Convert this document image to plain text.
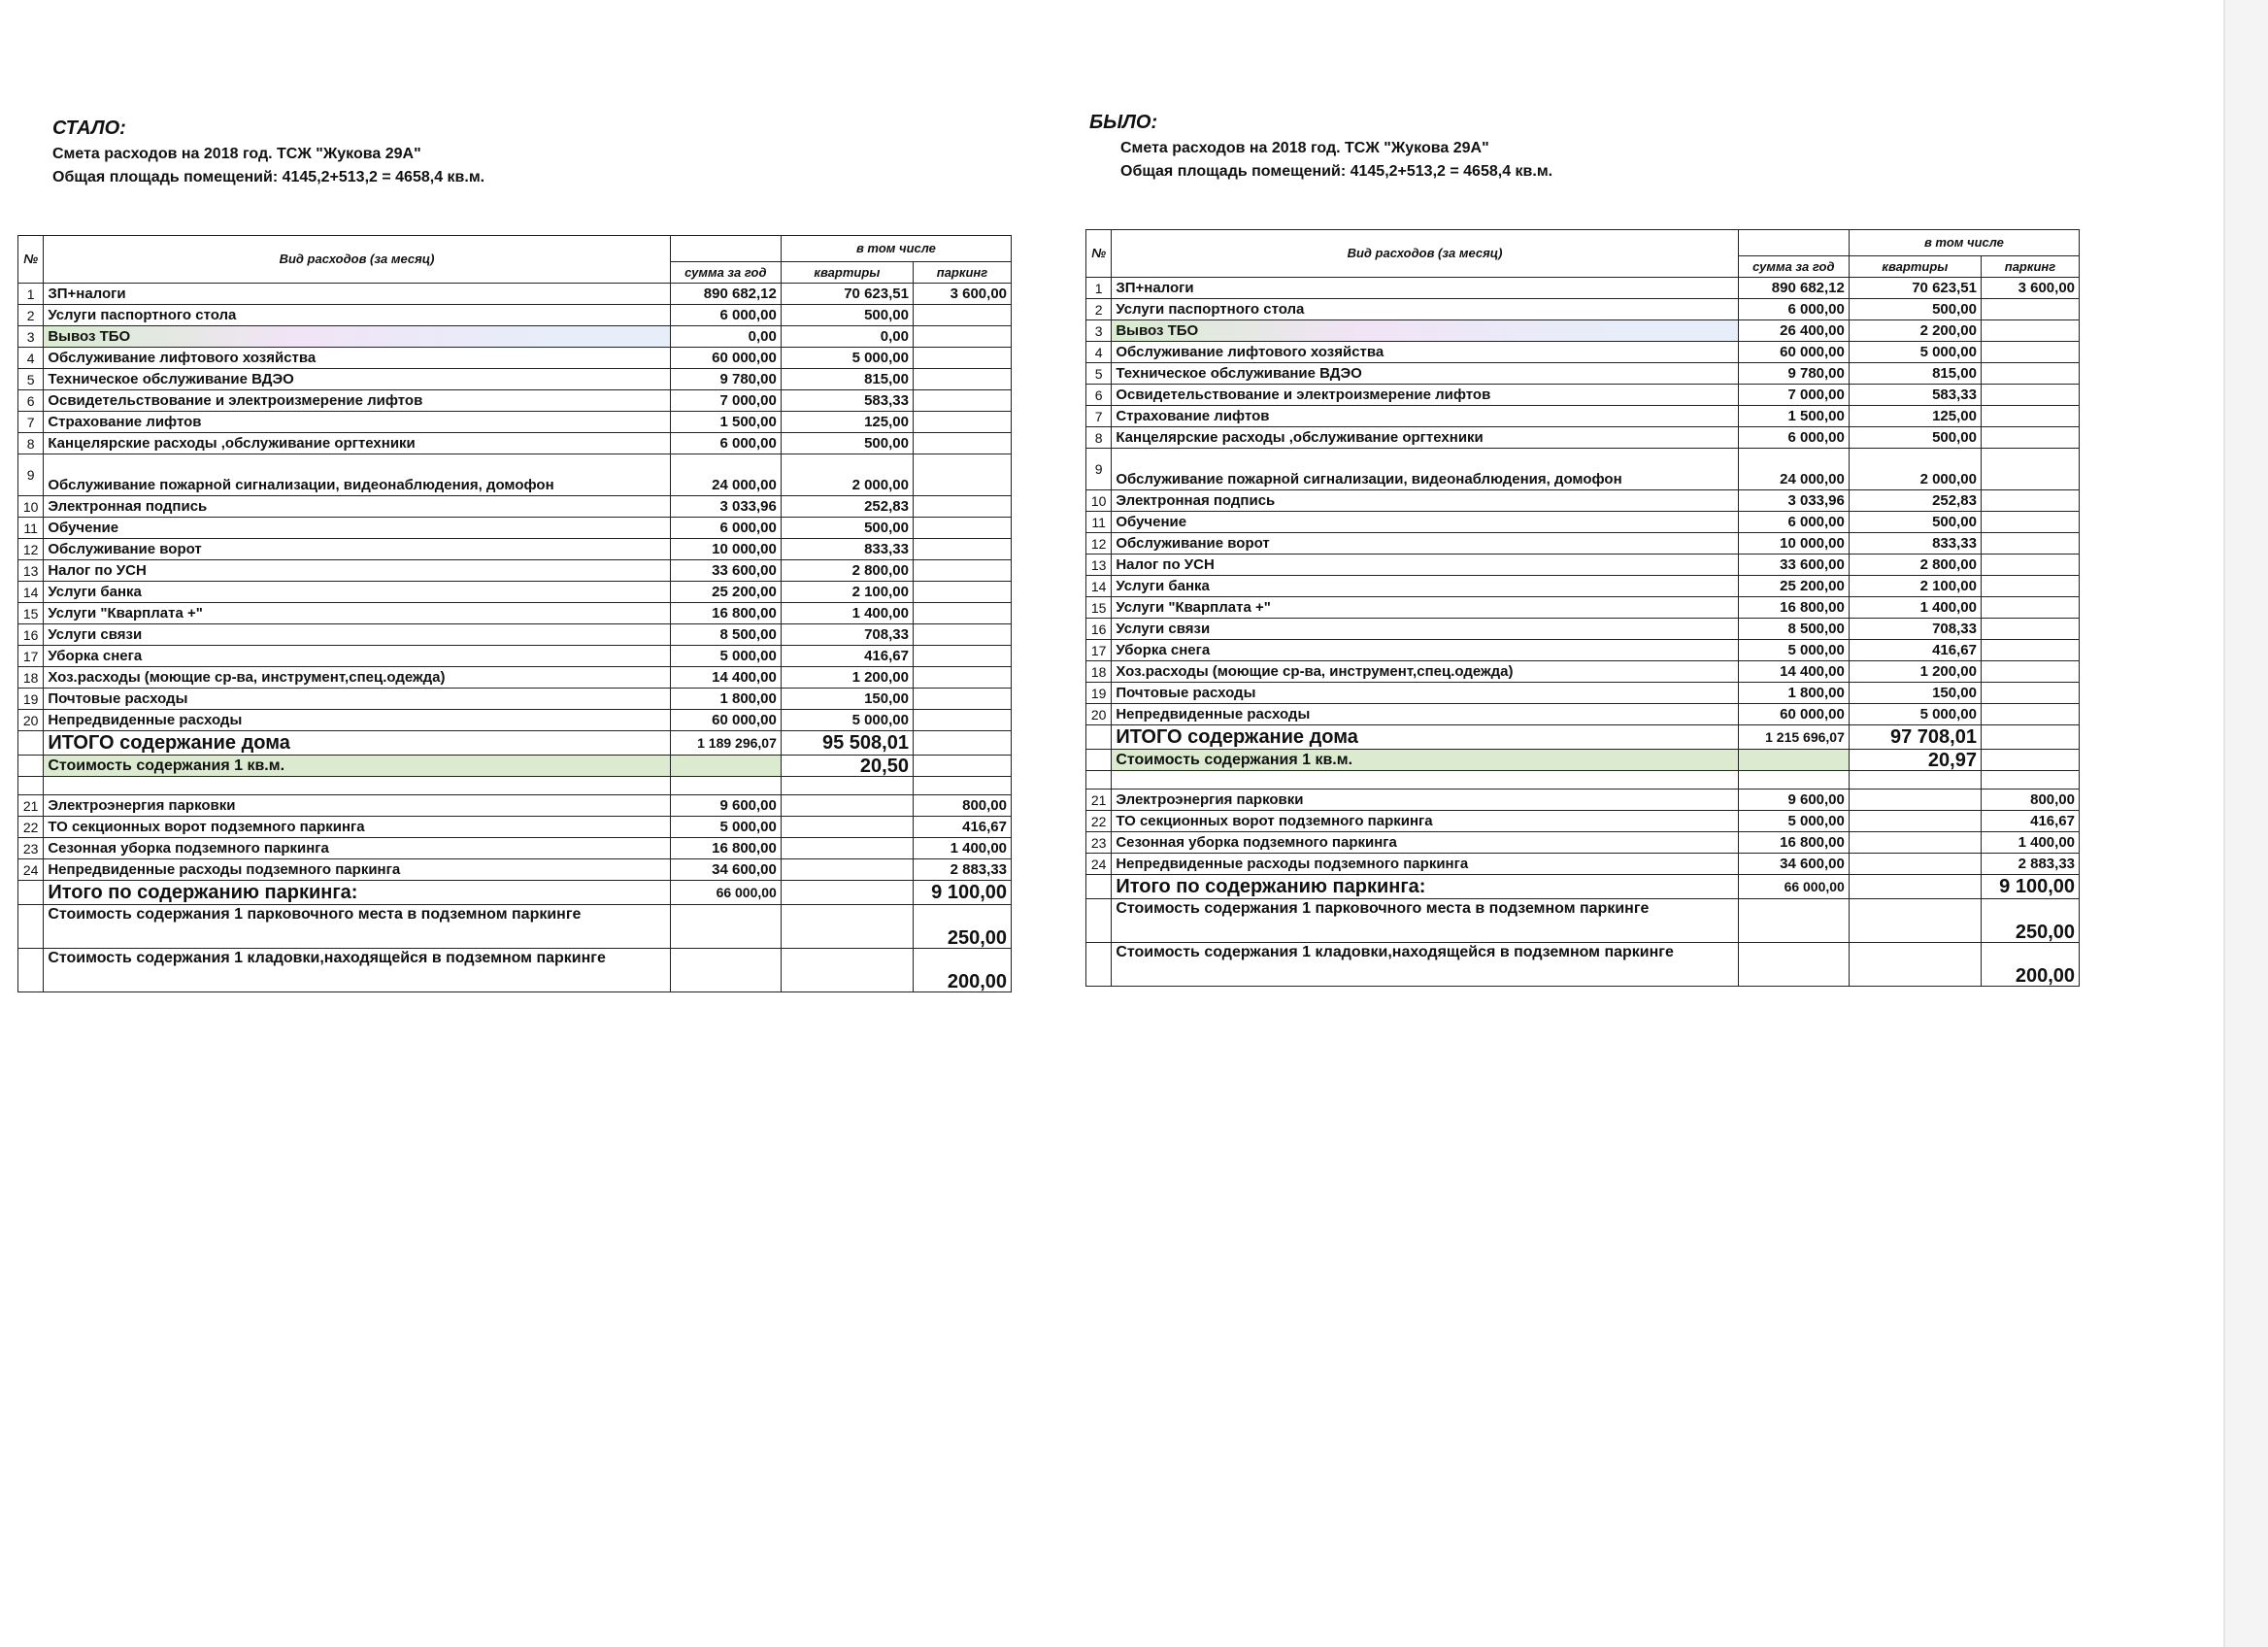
СТАЛО:
Смета расходов на 2018 год. ТСЖ "Жукова 29А"
Общая площадь помещений: 4145,2+513,2 = 4658,4 кв.м.
№	Вид расходов (за месяц)		в том числе	
		сумма за год	квартиры	паркинг
1	ЗП+налоги	890 682,12	70 623,51	3 600,00
2	Услуги паспортного стола	6 000,00	500,00	
3	Вывоз ТБО	0,00	0,00	
4	Обслуживание лифтового хозяйства	60 000,00	5 000,00	
5	Техническое обслуживание ВДЭО	9 780,00	815,00	
6	Освидетельствование и электроизмерение лифтов	7 000,00	583,33	
7	Страхование лифтов	1 500,00	125,00	
8	Канцелярские расходы ,обслуживание оргтехники	6 000,00	500,00	
9	Обслуживание пожарной сигнализации, видеонаблюдения, домофон	24 000,00	2 000,00	
10	Электронная подпись	3 033,96	252,83	
11	Обучение	6 000,00	500,00	
12	Обслуживание ворот	10 000,00	833,33	
13	Налог по УСН	33 600,00	2 800,00	
14	Услуги банка	25 200,00	2 100,00	
15	Услуги "Кварплата +"	16 800,00	1 400,00	
16	Услуги связи	8 500,00	708,33	
17	Уборка снега	5 000,00	416,67	
18	Хоз.расходы (моющие ср-ва, инструмент,спец.одежда)	14 400,00	1 200,00	
19	Почтовые расходы	1 800,00	150,00	
20	Непредвиденные расходы	60 000,00	5 000,00	
	ИТОГО содержание дома	1 189 296,07	95 508,01	
	Стоимость содержания 1 кв.м.		20,50	

21	Электроэнергия парковки	9 600,00		800,00
22	ТО секционных ворот подземного паркинга	5 000,00		416,67
23	Сезонная уборка подземного паркинга	16 800,00		1 400,00
24	Непредвиденные расходы подземного паркинга	34 600,00		2 883,33
	Итого по содержанию паркинга:	66 000,00		9 100,00
	Стоимость содержания 1 парковочного места в подземном паркинге			250,00
	Стоимость содержания 1 кладовки,находящейся в подземном паркинге			200,00
БЫЛО:
Смета расходов на 2018 год. ТСЖ "Жукова 29А"
Общая площадь помещений: 4145,2+513,2 = 4658,4 кв.м.
№	Вид расходов (за месяц)		в том числе	
		сумма за год	квартиры	паркинг
1	ЗП+налоги	890 682,12	70 623,51	3 600,00
2	Услуги паспортного стола	6 000,00	500,00	
3	Вывоз ТБО	26 400,00	2 200,00	
4	Обслуживание лифтового хозяйства	60 000,00	5 000,00	
5	Техническое обслуживание ВДЭО	9 780,00	815,00	
6	Освидетельствование и электроизмерение лифтов	7 000,00	583,33	
7	Страхование лифтов	1 500,00	125,00	
8	Канцелярские расходы ,обслуживание оргтехники	6 000,00	500,00	
9	Обслуживание пожарной сигнализации, видеонаблюдения, домофон	24 000,00	2 000,00	
10	Электронная подпись	3 033,96	252,83	
11	Обучение	6 000,00	500,00	
12	Обслуживание ворот	10 000,00	833,33	
13	Налог по УСН	33 600,00	2 800,00	
14	Услуги банка	25 200,00	2 100,00	
15	Услуги "Кварплата +"	16 800,00	1 400,00	
16	Услуги связи	8 500,00	708,33	
17	Уборка снега	5 000,00	416,67	
18	Хоз.расходы (моющие ср-ва, инструмент,спец.одежда)	14 400,00	1 200,00	
19	Почтовые расходы	1 800,00	150,00	
20	Непредвиденные расходы	60 000,00	5 000,00	
	ИТОГО содержание дома	1 215 696,07	97 708,01	
	Стоимость содержания 1 кв.м.		20,97	

21	Электроэнергия парковки	9 600,00		800,00
22	ТО секционных ворот подземного паркинга	5 000,00		416,67
23	Сезонная уборка подземного паркинга	16 800,00		1 400,00
24	Непредвиденные расходы подземного паркинга	34 600,00		2 883,33
	Итого по содержанию паркинга:	66 000,00		9 100,00
	Стоимость содержания 1 парковочного места в подземном паркинге			250,00
	Стоимость содержания 1 кладовки,находящейся в подземном паркинге			200,00
